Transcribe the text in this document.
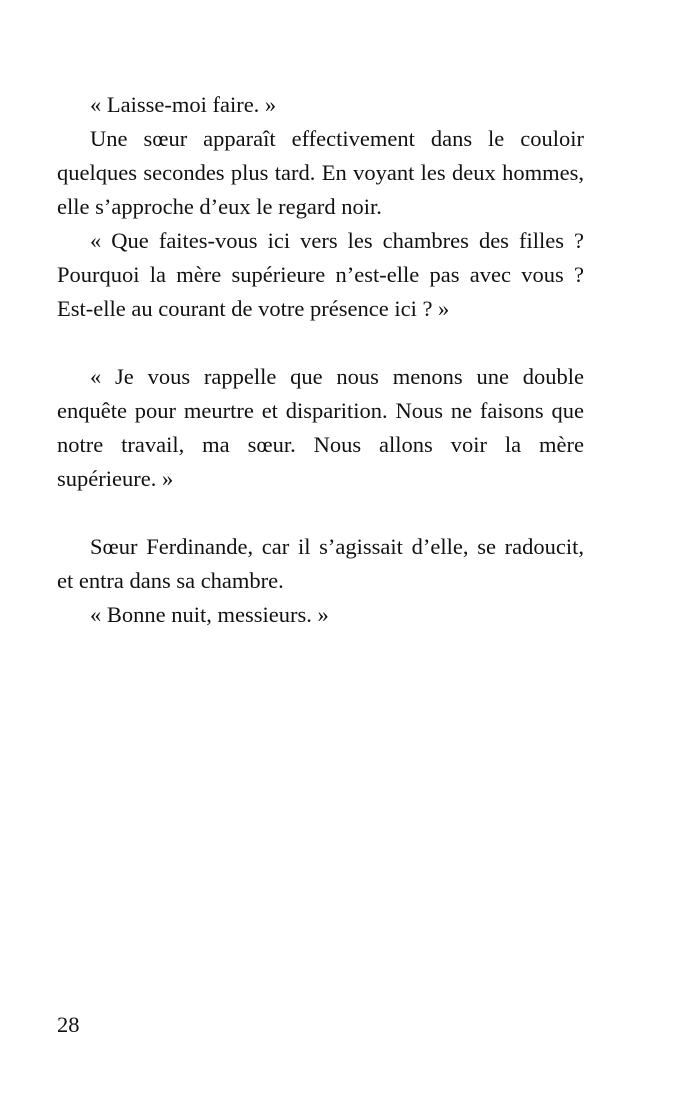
« Laisse-moi faire. »

Une sœur apparaît effectivement dans le couloir quelques secondes plus tard. En voyant les deux hommes, elle s’approche d’eux le regard noir.

« Que faites-vous ici vers les chambres des filles ? Pourquoi la mère supérieure n’est-elle pas avec vous ? Est-elle au courant de votre présence ici ? »

« Je vous rappelle que nous menons une double enquête pour meurtre et disparition. Nous ne faisons que notre travail, ma sœur. Nous allons voir la mère supérieure. »

Sœur Ferdinande, car il s’agissait d’elle, se radoucit, et entra dans sa chambre.

« Bonne nuit, messieurs. »

28
